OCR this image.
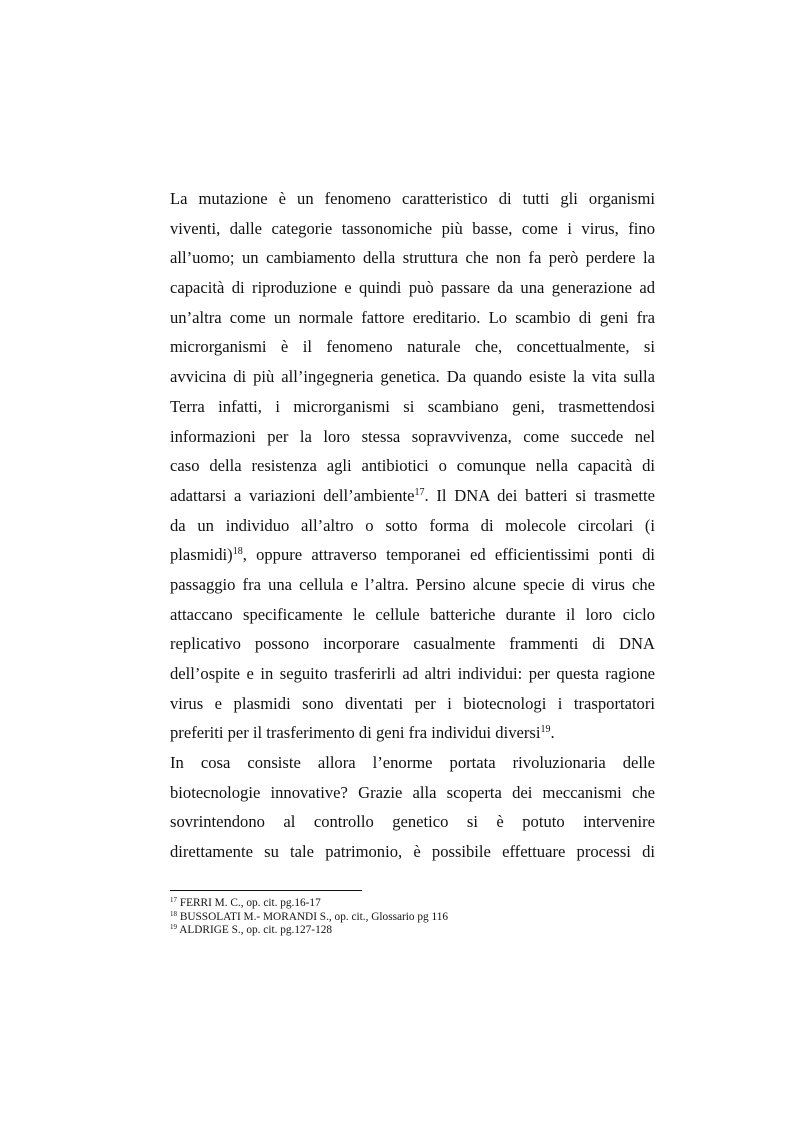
La mutazione è un fenomeno caratteristico di tutti gli organismi
viventi, dalle categorie tassonomiche più basse, come i virus, fino
all’uomo; un cambiamento della struttura che non fa però perdere la
capacità di riproduzione e quindi può passare da una generazione ad
un’altra come un normale fattore ereditario. Lo scambio di geni fra
microrganismi è il fenomeno naturale che, concettualmente, si
avvicina di più all’ingegneria genetica. Da quando esiste la vita sulla
Terra infatti, i microrganismi si scambiano geni, trasmettendosi
informazioni per la loro stessa sopravvivenza, come succede nel
caso della resistenza agli antibiotici o comunque nella capacità di
adattarsi a variazioni dell’ambiente$^{17}$. Il DNA dei batteri si trasmette
da un individuo all’altro o sotto forma di molecole circolari (i
plasmidi)$^{18}$, oppure attraverso temporanei ed efficientissimi ponti di
passaggio fra una cellula e l’altra. Persino alcune specie di virus che
attaccano specificamente le cellule batteriche durante il loro ciclo
replicativo possono incorporare casualmente frammenti di DNA
dell’ospite e in seguito trasferirli ad altri individui: per questa ragione
virus e plasmidi sono diventati per i biotecnologi i trasportatori
preferiti per il trasferimento di geni fra individui diversi$^{19}$.
In cosa consiste allora l’enorme portata rivoluzionaria delle
biotecnologie innovative? Grazie alla scoperta dei meccanismi che
sovrintendono al controllo genetico si è potuto intervenire
direttamente su tale patrimonio, è possibile effettuare processi di
$^{17}$ FERRI M. C., op. cit. pg.16-17
$^{18}$ BUSSOLATI M.- MORANDI S., op. cit., Glossario pg 116
$^{19}$ ALDRIGE S., op. cit. pg.127-128
